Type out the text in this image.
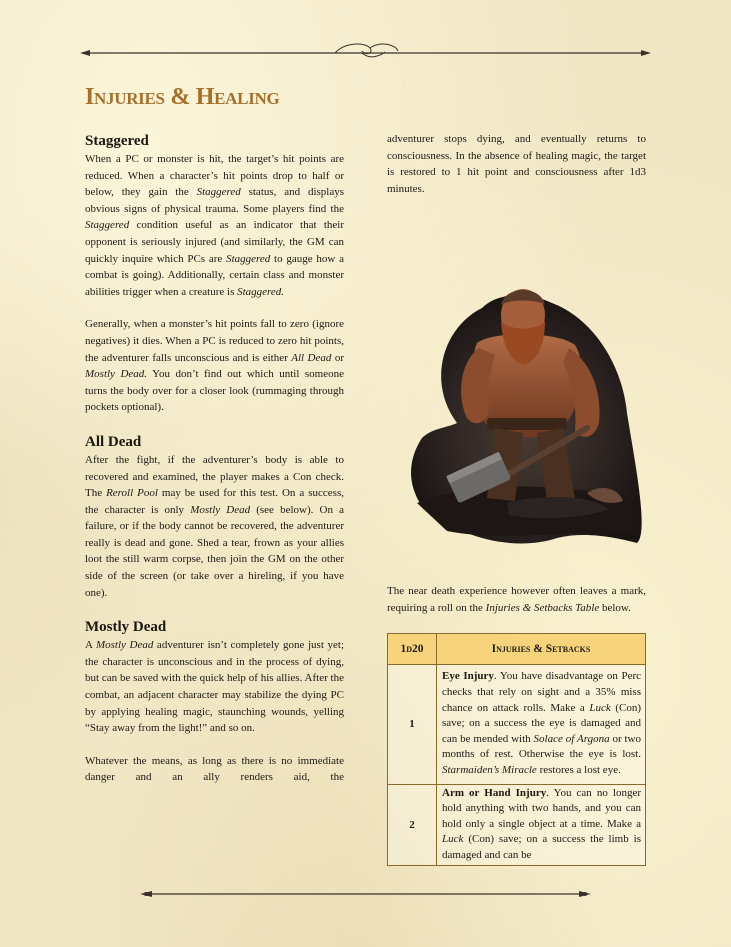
Injuries & Healing
Staggered

When a PC or monster is hit, the target’s hit points are reduced. When a character’s hit points drop to half or below, they gain the Staggered status, and displays obvious signs of physical trauma. Some players find the Staggered condition useful as an indicator that their opponent is seriously injured (and similarly, the GM can quickly inquire which PCs are Staggered to gauge how a combat is going). Additionally, certain class and monster abilities trigger when a creature is Staggered.

Generally, when a monster’s hit points fall to zero (ignore negatives) it dies. When a PC is reduced to zero hit points, the adventurer falls unconscious and is either All Dead or Mostly Dead. You don’t find out which until someone turns the body over for a closer look (rummaging through pockets optional).

All Dead

After the fight, if the adventurer’s body is able to recovered and examined, the player makes a Con check. The Reroll Pool may be used for this test. On a success, the character is only Mostly Dead (see below). On a failure, or if the body cannot be recovered, the adventurer really is dead and gone. Shed a tear, frown as your allies loot the still warm corpse, then join the GM on the other side of the screen (or take over a hireling, if you have one).

Mostly Dead

A Mostly Dead adventurer isn’t completely gone just yet; the character is unconscious and in the process of dying, but can be saved with the quick help of his allies. After the combat, an adjacent character may stabilize the dying PC by applying healing magic, staunching wounds, yelling “Stay away from the light!” and so on.

Whatever the means, as long as there is no immediate danger and an ally renders aid, the

adventurer stops dying, and eventually returns to consciousness. In the absence of healing magic, the target is restored to 1 hit point and consciousness after 1d3 minutes.

The near death experience however often leaves a mark, requiring a roll on the Injuries & Setbacks Table below.

1d20	Injuries & Setbacks
1	Eye Injury. You have disadvantage on Perc checks that rely on sight and a 35% miss chance on attack rolls. Make a Luck (Con) save; on a success the eye is damaged and can be mended with Solace of Argona or two months of rest. Otherwise the eye is lost. Starmaiden’s Miracle restores a lost eye.
2	Arm or Hand Injury. You can no longer hold anything with two hands, and you can hold only a single object at a time. Make a Luck (Con) save; on a success the limb is damaged and can be
